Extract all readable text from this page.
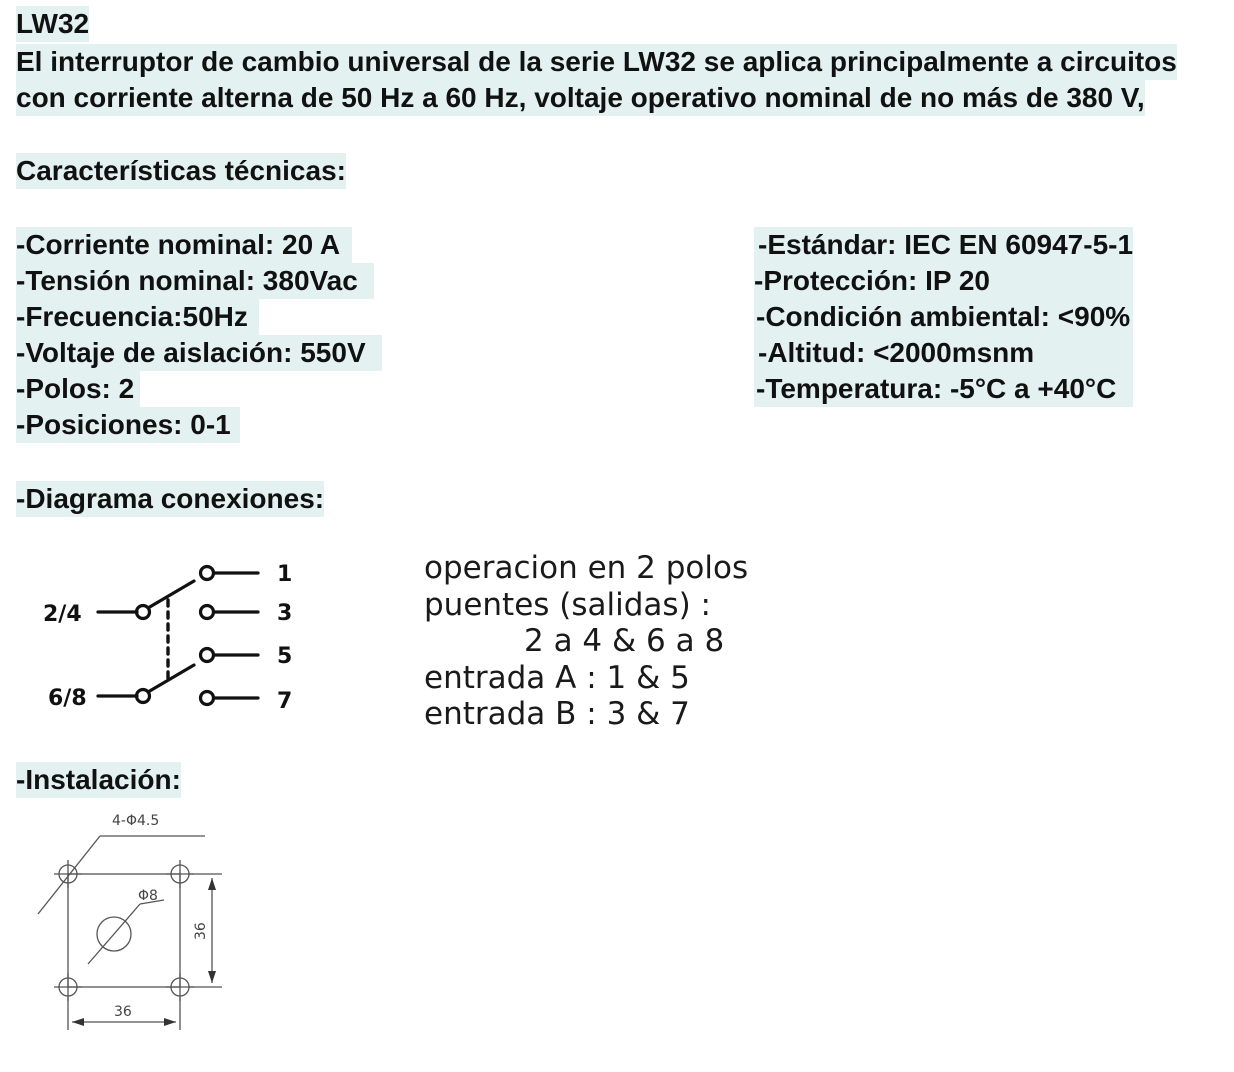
LW32
El interruptor de cambio universal de la serie LW32 se aplica principalmente a circuitos
con corriente alterna de 50 Hz a 60 Hz, voltaje operativo nominal de no más de 380 V,
Características técnicas:
-Corriente nominal: 20 A
-Tensión nominal: 380Vac
-Frecuencia:50Hz
-Voltaje de aislación: 550V
-Polos: 2
-Posiciones: 0-1
-Estándar: IEC EN 60947-5-1
-Protección: IP 20
-Condición ambiental: <90%
-Altitud: <2000msnm
-Temperatura: -5°C a +40°C
-Diagrama conexiones:
2/4
6/8
1
3
5
7
operacion en 2 polos
puentes (salidas) :
2 a 4 & 6 a 8
entrada A : 1 & 5
entrada B : 3 & 7
-Instalación:
4-Φ4.5
Φ8
36
36
